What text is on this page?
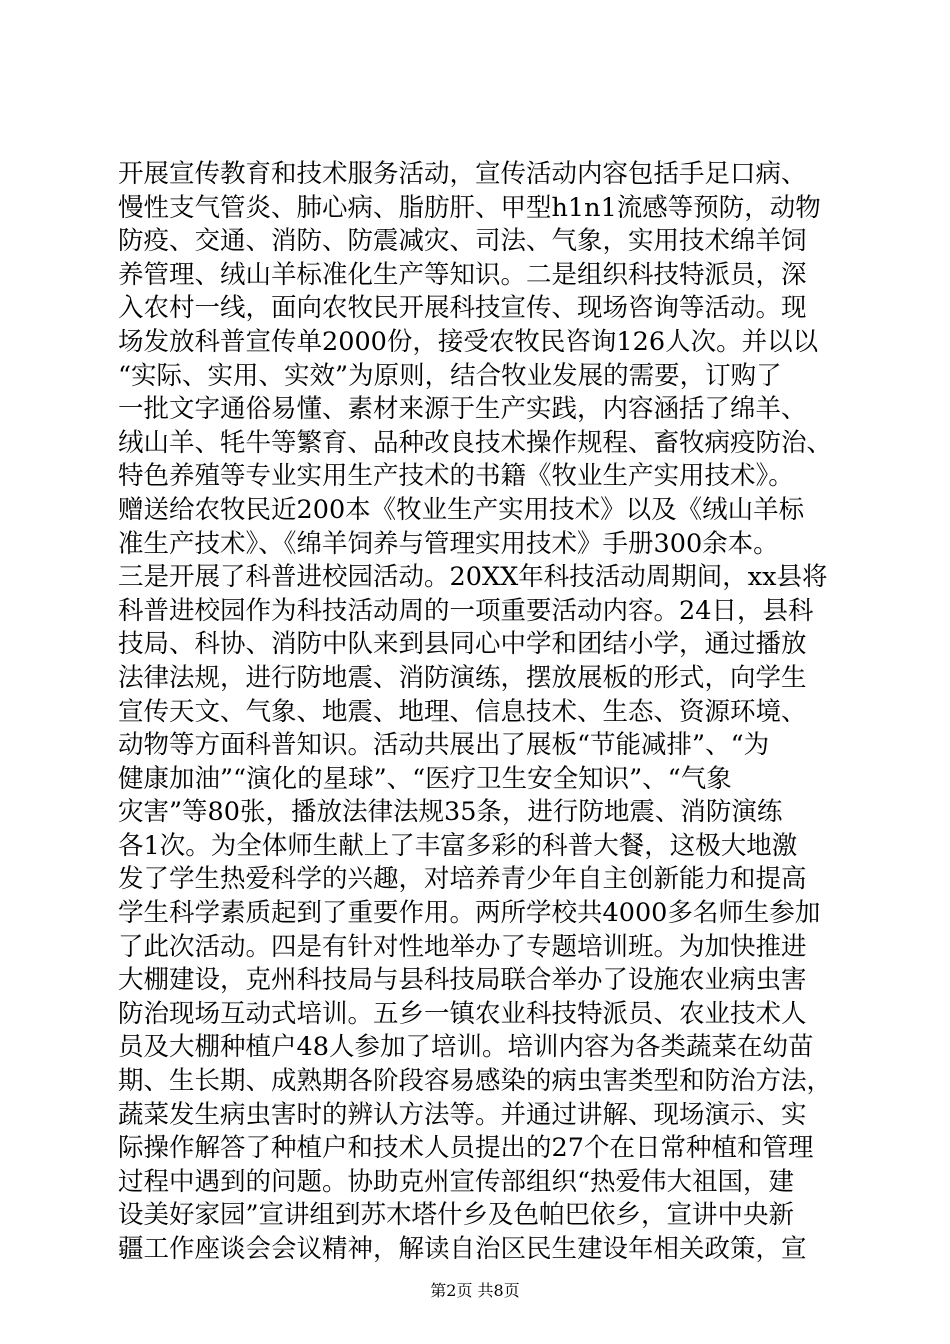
开展宣传教育和技术服务活动，宣传活动内容包括手足口病、
慢性支气管炎、肺心病、脂肪肝、甲型h1n1流感等预防，动物
防疫、交通、消防、防震减灾、司法、气象，实用技术绵羊饲
养管理、绒山羊标准化生产等知识。二是组织科技特派员，深
入农村一线，面向农牧民开展科技宣传、现场咨询等活动。现
场发放科普宣传单2000份，接受农牧民咨询126人次。并以以
“实际、实用、实效”为原则，结合牧业发展的需要，订购了
一批文字通俗易懂、素材来源于生产实践，内容涵括了绵羊、
绒山羊、牦牛等繁育、品种改良技术操作规程、畜牧病疫防治、
特色养殖等专业实用生产技术的书籍《牧业生产实用技术》。
赠送给农牧民近200本《牧业生产实用技术》以及《绒山羊标
准生产技术》、《绵羊饲养与管理实用技术》手册300余本。
三是开展了科普进校园活动。20XX年科技活动周期间，xx县将
科普进校园作为科技活动周的一项重要活动内容。24日，县科
技局、科协、消防中队来到县同心中学和团结小学，通过播放
法律法规，进行防地震、消防演练，摆放展板的形式，向学生
宣传天文、气象、地震、地理、信息技术、生态、资源环境、
动物等方面科普知识。活动共展出了展板“节能减排”、“为
健康加油”“演化的星球”、“医疗卫生安全知识”、“气象
灾害”等80张，播放法律法规35条，进行防地震、消防演练
各1次。为全体师生献上了丰富多彩的科普大餐，这极大地激
发了学生热爱科学的兴趣，对培养青少年自主创新能力和提高
学生科学素质起到了重要作用。两所学校共4000多名师生参加
了此次活动。四是有针对性地举办了专题培训班。为加快推进
大棚建设，克州科技局与县科技局联合举办了设施农业病虫害
防治现场互动式培训。五乡一镇农业科技特派员、农业技术人
员及大棚种植户48人参加了培训。培训内容为各类蔬菜在幼苗
期、生长期、成熟期各阶段容易感染的病虫害类型和防治方法，
蔬菜发生病虫害时的辨认方法等。并通过讲解、现场演示、实
际操作解答了种植户和技术人员提出的27个在日常种植和管理
过程中遇到的问题。协助克州宣传部组织“热爱伟大祖国，建
设美好家园”宣讲组到苏木塔什乡及色帕巴依乡，宣讲中央新
疆工作座谈会会议精神，解读自治区民生建设年相关政策，宣
第2页 共8页
